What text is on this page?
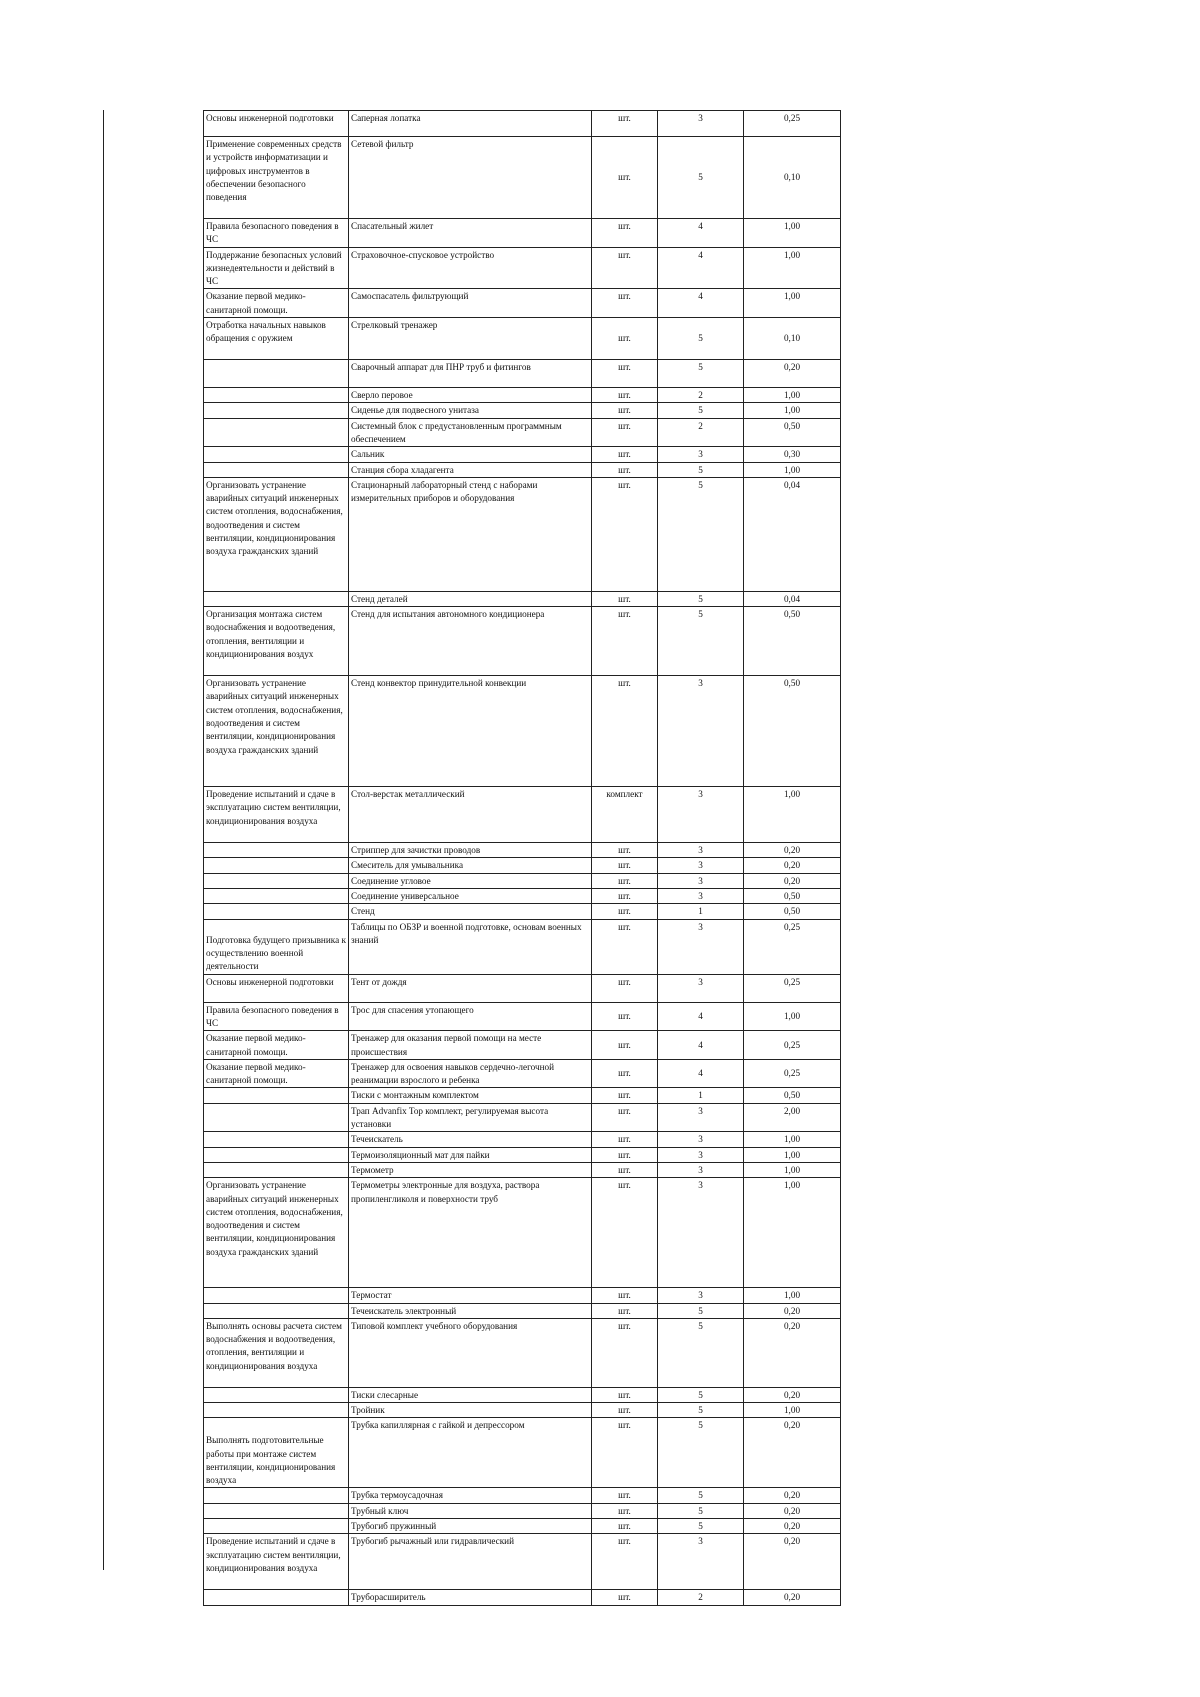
Основы инженерной подготовки	Саперная лопатка	шт.	3	0,25
Применение современных средств и устройств информатизации и цифровых инструментов в обеспечении безопасного поведения	Сетевой фильтр	шт.	5	0,10
Правила безопасного поведения в ЧС	Спасательный жилет	шт.	4	1,00
Поддержание безопасных условий жизнедеятельности и действий в ЧС	Страховочное-спусковое устройство	шт.	4	1,00
Оказание первой медико-санитарной помощи.	Самоспасатель фильтрующий	шт.	4	1,00
Отработка начальных навыков обращения с оружием	Стрелковый тренажер	шт.	5	0,10
	Сварочный аппарат для ПНР труб и фитингов	шт.	5	0,20
	Сверло перовое	шт.	2	1,00
	Сиденье для подвесного унитаза	шт.	5	1,00
	Системный блок с предустановленным программным обеспечением	шт.	2	0,50
	Сальник	шт.	3	0,30
	Станция сбора хладагента	шт.	5	1,00
Организовать устранение аварийных ситуаций инженерных систем отопления, водоснабжения, водоотведения и систем вентиляции, кондиционирования воздуха гражданских зданий	Стационарный лабораторный стенд с наборами измерительных приборов и оборудования	шт.	5	0,04
	Стенд деталей	шт.	5	0,04
Организация монтажа систем водоснабжения и водоотведения, отопления, вентиляции и кондиционирования воздух	Стенд для испытания автономного кондиционера	шт.	5	0,50
Организовать устранение аварийных ситуаций инженерных систем отопления, водоснабжения, водоотведения и систем вентиляции, кондиционирования воздуха гражданских зданий	Стенд конвектор принудительной конвекции	шт.	3	0,50
Проведение испытаний и сдаче в эксплуатацию систем вентиляции, кондиционирования воздуха	Стол-верстак металлический	комплект	3	1,00
	Стриппер для зачистки проводов	шт.	3	0,20
	Смеситель для умывальника	шт.	3	0,20
	Соединение угловое	шт.	3	0,20
	Соединение универсальное	шт.	3	0,50
	Стенд	шт.	1	0,50
Подготовка будущего призывника к осуществлению военной деятельности	Таблицы по ОБЗР и военной подготовке, основам военных знаний	шт.	3	0,25
Основы инженерной подготовки	Тент от дождя	шт.	3	0,25
Правила безопасного поведения в ЧС	Трос для спасения утопающего	шт.	4	1,00
Оказание первой медико-санитарной помощи.	Тренажер для оказания первой помощи на месте происшествия	шт.	4	0,25
Оказание первой медико-санитарной помощи.	Тренажер для освоения навыков сердечно-легочной реанимации взрослого и ребенка	шт.	4	0,25
	Тиски с монтажным комплектом	шт.	1	0,50
	Трап Advanfix Top комплект, регулируемая высота установки	шт.	3	2,00
	Течеискатель	шт.	3	1,00
	Термоизоляционный мат для пайки	шт.	3	1,00
	Термометр	шт.	3	1,00
Организовать устранение аварийных ситуаций инженерных систем отопления, водоснабжения, водоотведения и систем вентиляции, кондиционирования воздуха гражданских зданий	Термометры электронные для воздуха, раствора пропиленгликоля и поверхности труб	шт.	3	1,00
	Термостат	шт.	3	1,00
	Течеискатель электронный	шт.	5	0,20
Выполнять основы расчета систем водоснабжения и водоотведения, отопления, вентиляции и кондиционирования воздуха	Типовой комплект учебного оборудования	шт.	5	0,20
	Тиски слесарные	шт.	5	0,20
	Тройник	шт.	5	1,00
Выполнять подготовительные работы при монтаже систем вентиляции, кондиционирования воздуха	Трубка капиллярная с гайкой и депрессором	шт.	5	0,20
	Трубка термоусадочная	шт.	5	0,20
	Трубный ключ	шт.	5	0,20
	Трубогиб пружинный	шт.	5	0,20
Проведение испытаний и сдаче в эксплуатацию систем вентиляции, кондиционирования воздуха	Трубогиб рычажный или гидравлический	шт.	3	0,20
	Труборасширитель	шт.	2	0,20
